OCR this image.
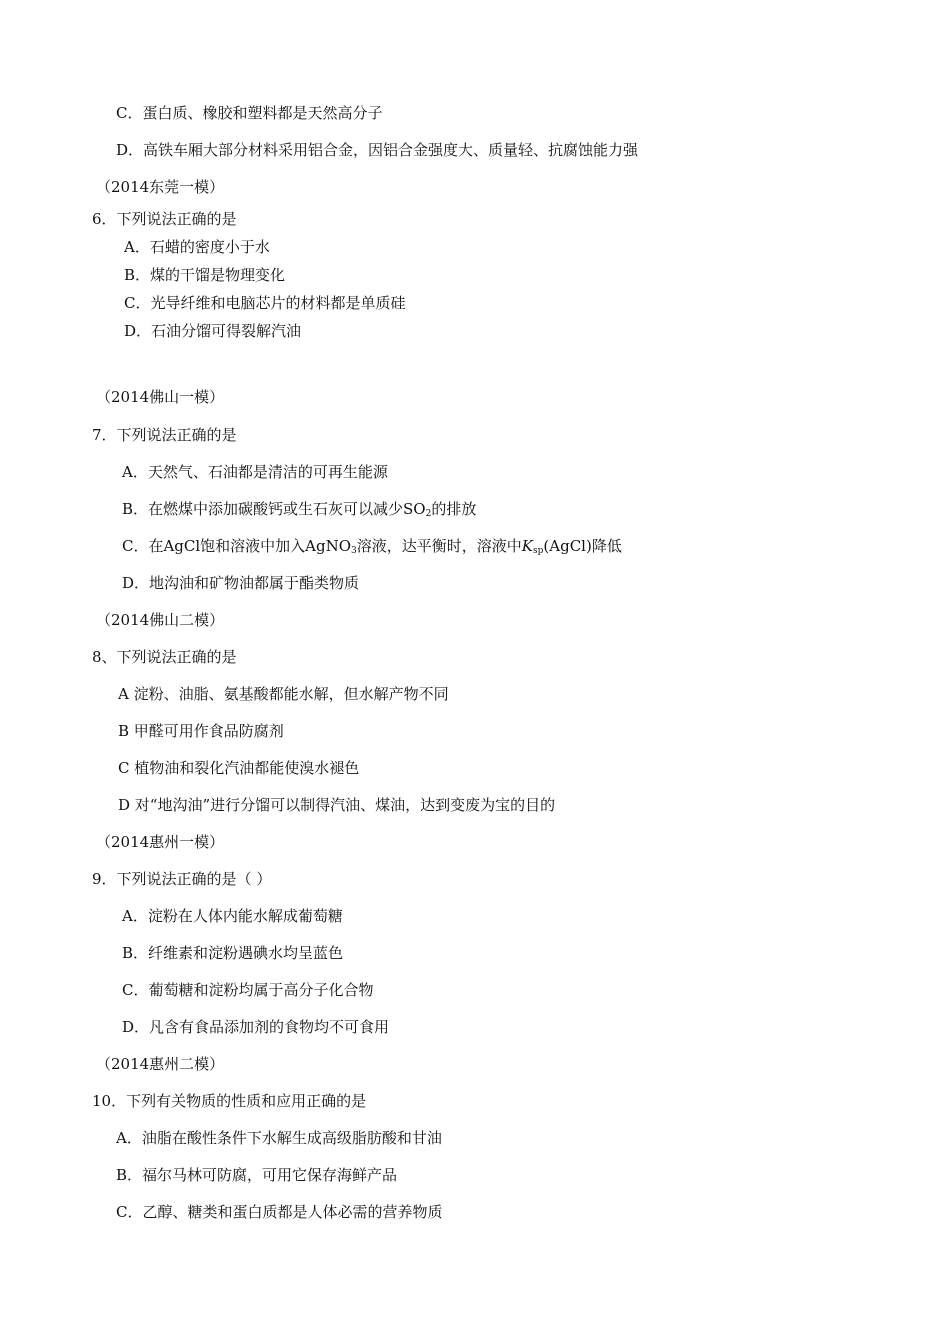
C．蛋白质、橡胶和塑料都是天然高分子
D．高铁车厢大部分材料采用铝合金，因铝合金强度大、质量轻、抗腐蚀能力强
（2014东莞一模）
6．下列说法正确的是
A．石蜡的密度小于水
B．煤的干馏是物理变化
C．光导纤维和电脑芯片的材料都是单质硅
D．石油分馏可得裂解汽油
（2014佛山一模）
7．下列说法正确的是
A．天然气、石油都是清洁的可再生能源
B．在燃煤中添加碳酸钙或生石灰可以减少$SO_2$的排放
C．在AgCl饱和溶液中加入AgNO$_3$溶液，达平衡时，溶液中$K_{sp}(AgCl)$降低
D．地沟油和矿物油都属于酯类物质
（2014佛山二模）
8、下列说法正确的是
A 淀粉、油脂、氨基酸都能水解，但水解产物不同
B 甲醛可用作食品防腐剂
C 植物油和裂化汽油都能使溴水褪色
D 对“地沟油”进行分馏可以制得汽油、煤油，达到变废为宝的目的
（2014惠州一模）
9．下列说法正确的是（ ）
A．淀粉在人体内能水解成葡萄糖
B．纤维素和淀粉遇碘水均呈蓝色
C．葡萄糖和淀粉均属于高分子化合物
D．凡含有食品添加剂的食物均不可食用
（2014惠州二模）
10．下列有关物质的性质和应用正确的是
A．油脂在酸性条件下水解生成高级脂肪酸和甘油
B．福尔马林可防腐，可用它保存海鲜产品
C．乙醇、糖类和蛋白质都是人体必需的营养物质
